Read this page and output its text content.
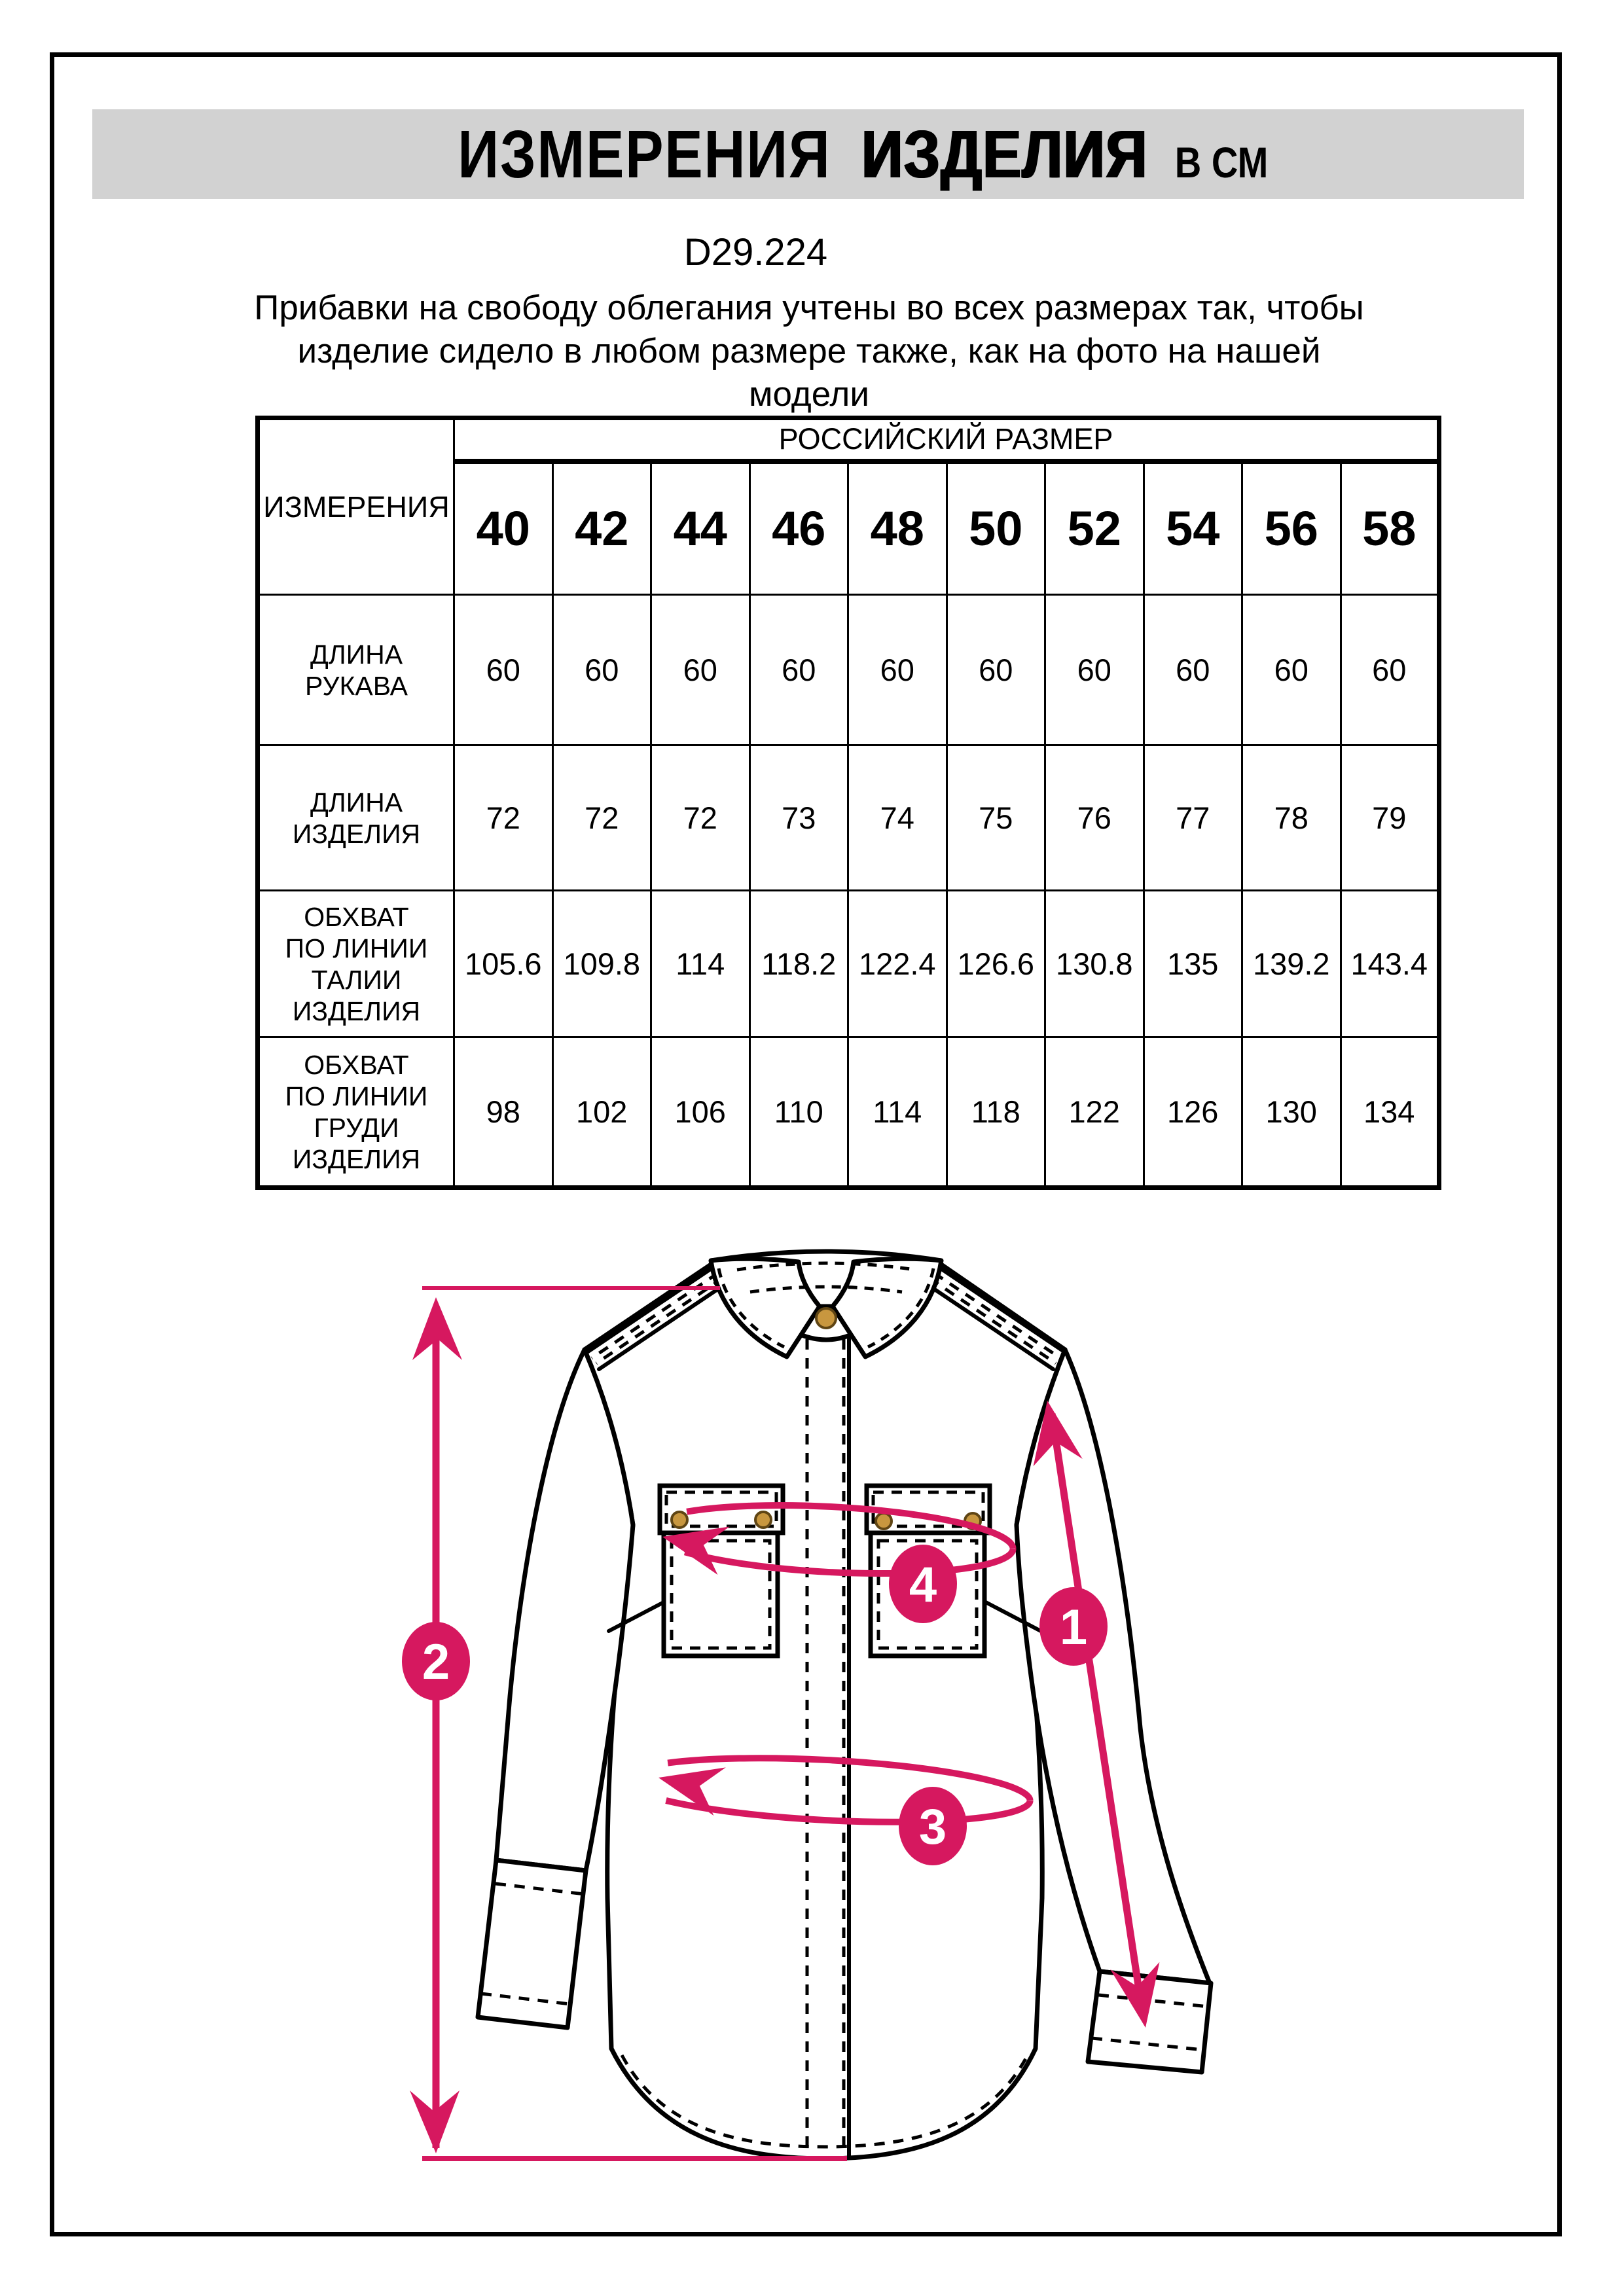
ИЗМЕРЕНИЯ ИЗДЕЛИЯ В СМ
D29.224
Прибавки на свободу облегания учтены во всех размерах так, чтобы
изделие сидело в любом размере также, как на фото на нашей
модели
ИЗМЕРЕНИЯ	РОССИЙСКИЙ РАЗМЕР									
	40	42	44	46	48	50	52	54	56	58
ДЛИНА РУКАВА	60	60	60	60	60	60	60	60	60	60
ДЛИНА ИЗДЕЛИЯ	72	72	72	73	74	75	76	77	78	79
ОБХВАТ ПО ЛИНИИ ТАЛИИ ИЗДЕЛИЯ	105.6	109.8	114	118.2	122.4	126.6	130.8	135	139.2	143.4
ОБХВАТ ПО ЛИНИИ ГРУДИ ИЗДЕЛИЯ	98	102	106	110	114	118	122	126	130	134
1
2
3
4
1
2
3
4
